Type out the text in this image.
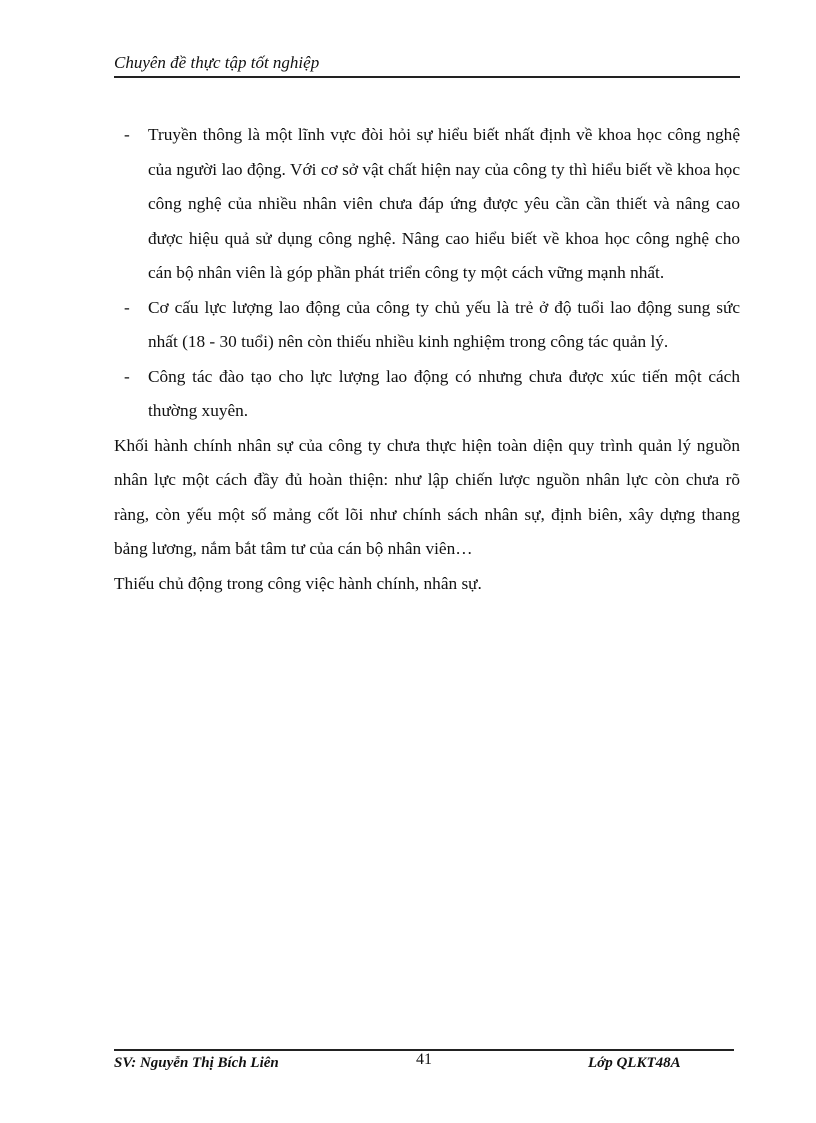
Chuyên đề thực tập tốt nghiệp

- Truyền thông là một lĩnh vực đòi hỏi sự hiểu biết nhất định về khoa học công nghệ của người lao động. Với cơ sở vật chất hiện nay của công ty thì hiểu biết về khoa học công nghệ của nhiều nhân viên chưa đáp ứng được yêu cần cần thiết và nâng cao được hiệu quả sử dụng công nghệ. Nâng cao hiểu biết về khoa học công nghệ cho cán bộ nhân viên là góp phần phát triển công ty một cách vững mạnh nhất.

- Cơ cấu lực lượng lao động của công ty chủ yếu là trẻ ở độ tuổi lao động sung sức nhất (18 - 30 tuổi) nên còn thiếu nhiều kinh nghiệm trong công tác quản lý.

- Công tác đào tạo cho lực lượng lao động có nhưng chưa được xúc tiến một cách thường xuyên.

Khối hành chính nhân sự của công ty chưa thực hiện toàn diện quy trình quản lý nguồn nhân lực một cách đầy đủ hoàn thiện: như lập chiến lược nguồn nhân lực còn chưa rõ ràng, còn yếu một số mảng cốt lõi như chính sách nhân sự, định biên, xây dựng thang bảng lương, nắm bắt tâm tư của cán bộ nhân viên…

Thiếu chủ động trong công việc hành chính, nhân sự.

SV: Nguyễn Thị Bích Liên	41	Lớp QLKT48A
